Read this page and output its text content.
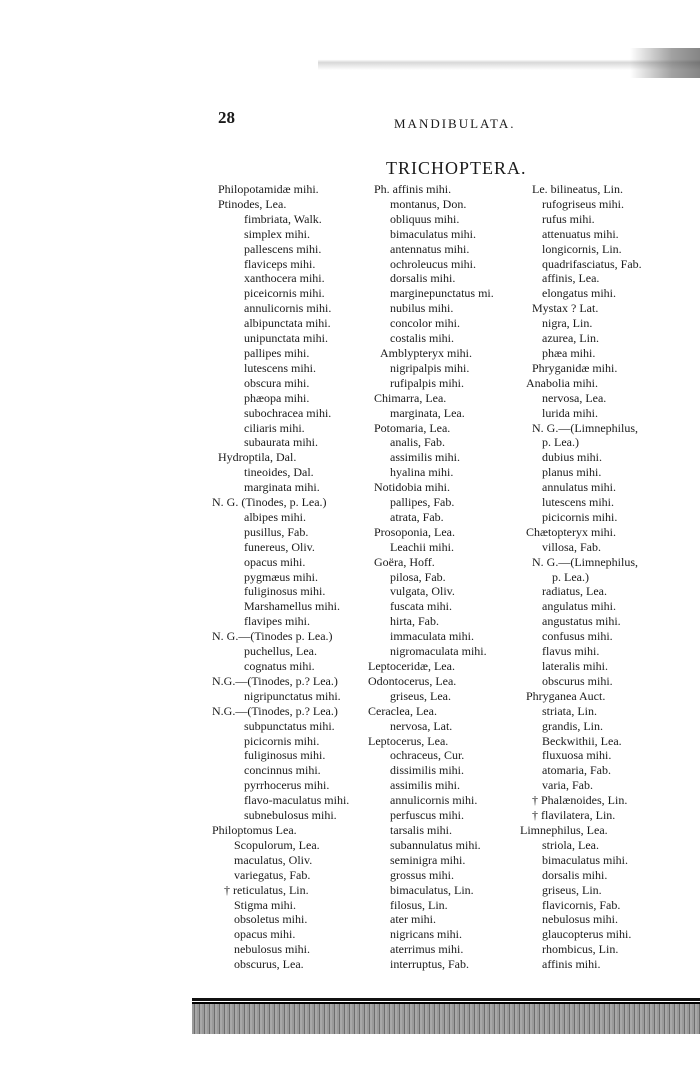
28	MANDIBULATA.
TRICHOPTERA.
Philopotamidæ mihi.
Ptinodes, Lea.
fimbriata, Walk.
simplex mihi.
pallescens mihi.
flaviceps mihi.
xanthocera mihi.
piceicornis mihi.
annulicornis mihi.
albipunctata mihi.
unipunctata mihi.
pallipes mihi.
lutescens mihi.
obscura mihi.
phæopa mihi.
subochracea mihi.
ciliaris mihi.
subaurata mihi.
Hydroptila, Dal.
tineoides, Dal.
marginata mihi.
N. G. (Tinodes, p. Lea.)
albipes mihi.
pusillus, Fab.
funereus, Oliv.
opacus mihi.
pygmæus mihi.
fuliginosus mihi.
Marshamellus mihi.
flavipes mihi.
N. G.—(Tinodes p. Lea.)
puchellus, Lea.
cognatus mihi.
N.G.—(Tinodes, p.? Lea.)
nigripunctatus mihi.
N.G.—(Tinodes, p.? Lea.)
subpunctatus mihi.
picicornis mihi.
fuliginosus mihi.
concinnus mihi.
pyrrhocerus mihi.
flavo-maculatus mihi.
subnebulosus mihi.
Philoptomus Lea.
Scopulorum, Lea.
maculatus, Oliv.
variegatus, Fab.
† reticulatus, Lin.
Stigma mihi.
obsoletus mihi.
opacus mihi.
nebulosus mihi.
obscurus, Lea.
Ph. affinis mihi.
montanus, Don.
obliquus mihi.
bimaculatus mihi.
antennatus mihi.
ochroleucus mihi.
dorsalis mihi.
marginepunctatus mi.
nubilus mihi.
concolor mihi.
costalis mihi.
Amblypteryx mihi.
nigripalpis mihi.
rufipalpis mihi.
Chimarra, Lea.
marginata, Lea.
Potomaria, Lea.
analis, Fab.
assimilis mihi.
hyalina mihi.
Notidobia mihi.
pallipes, Fab.
atrata, Fab.
Prosoponia, Lea.
Leachii mihi.
Goëra, Hoff.
pilosa, Fab.
vulgata, Oliv.
fuscata mihi.
hirta, Fab.
immaculata mihi.
nigromaculata mihi.
Leptoceridæ, Lea.
Odontocerus, Lea.
griseus, Lea.
Ceraclea, Lea.
nervosa, Lat.
Leptocerus, Lea.
ochraceus, Cur.
dissimilis mihi.
assimilis mihi.
annulicornis mihi.
perfuscus mihi.
tarsalis mihi.
subannulatus mihi.
seminigra mihi.
grossus mihi.
bimaculatus, Lin.
filosus, Lin.
ater mihi.
nigricans mihi.
aterrimus mihi.
interruptus, Fab.
Le. bilineatus, Lin.
rufogriseus mihi.
rufus mihi.
attenuatus mihi.
longicornis, Lin.
quadrifasciatus, Fab.
affinis, Lea.
elongatus mihi.
Mystax ? Lat.
nigra, Lin.
azurea, Lin.
phæa mihi.
Phryganidæ mihi.
Anabolia mihi.
nervosa, Lea.
lurida mihi.
N. G.—(Limnephilus,
p. Lea.)
dubius mihi.
planus mihi.
annulatus mihi.
lutescens mihi.
picicornis mihi.
Chætopteryx mihi.
villosa, Fab.
N. G.—(Limnephilus,
p. Lea.)
radiatus, Lea.
angulatus mihi.
angustatus mihi.
confusus mihi.
flavus mihi.
lateralis mihi.
obscurus mihi.
Phryganea Auct.
striata, Lin.
grandis, Lin.
Beckwithii, Lea.
fluxuosa mihi.
atomaria, Fab.
varia, Fab.
† Phalænoides, Lin.
† flavilatera, Lin.
Limnephilus, Lea.
striola, Lea.
bimaculatus mihi.
dorsalis mihi.
griseus, Lin.
flavicornis, Fab.
nebulosus mihi.
glaucopterus mihi.
rhombicus, Lin.
affinis mihi.
